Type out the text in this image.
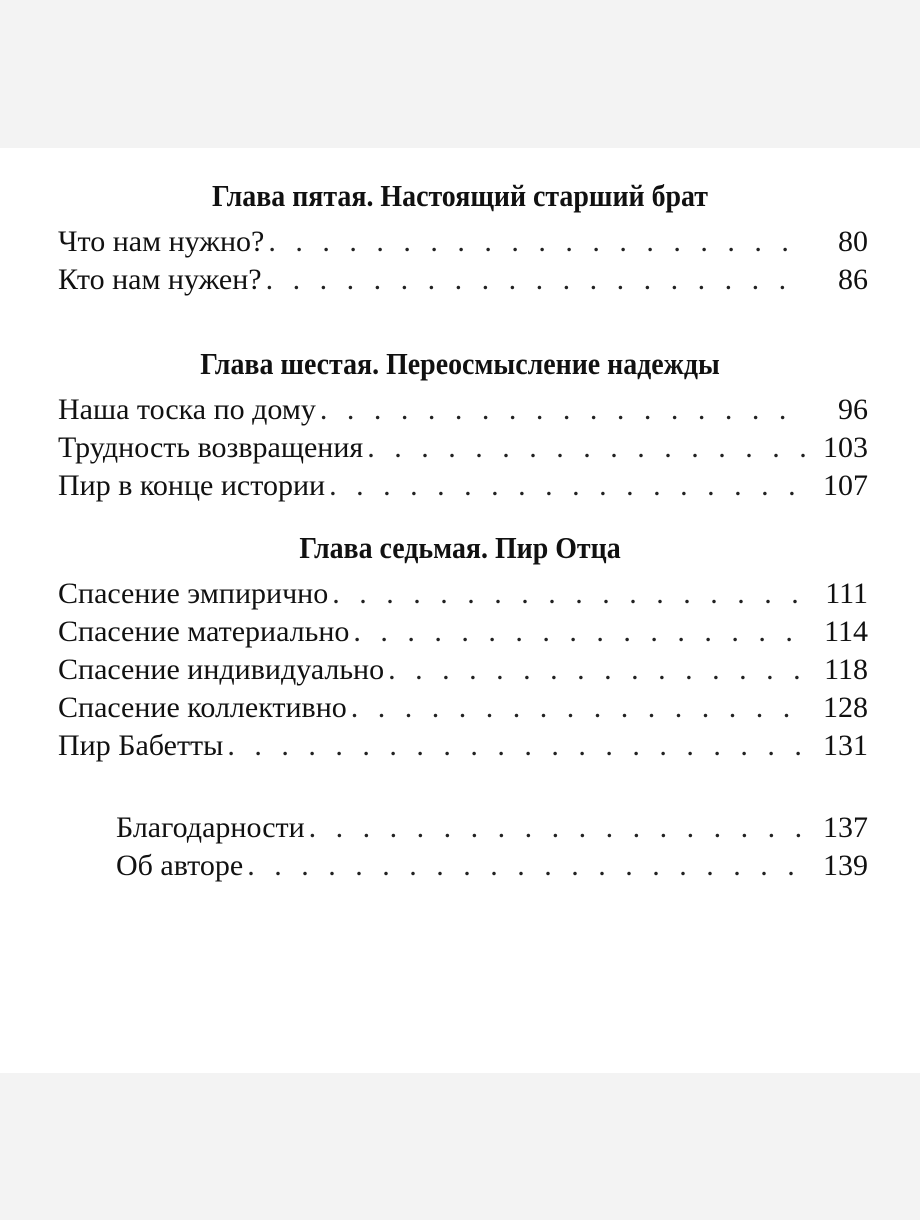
Глава пятая. Настоящий старший брат
Что нам нужно? . . .	80
Кто нам нужен? . . .	86
Глава шестая. Переосмысление надежды
Наша тоска по дому . . .	96
Трудность возвращения . . .	103
Пир в конце истории . . .	107
Глава седьмая. Пир Отца
Спасение эмпирично . . .	111
Спасение материально . . .	114
Спасение индивидуально . . .	118
Спасение коллективно . . .	128
Пир Бабетты . . .	131
Благодарности . . .	137
Об авторе . . .	139
